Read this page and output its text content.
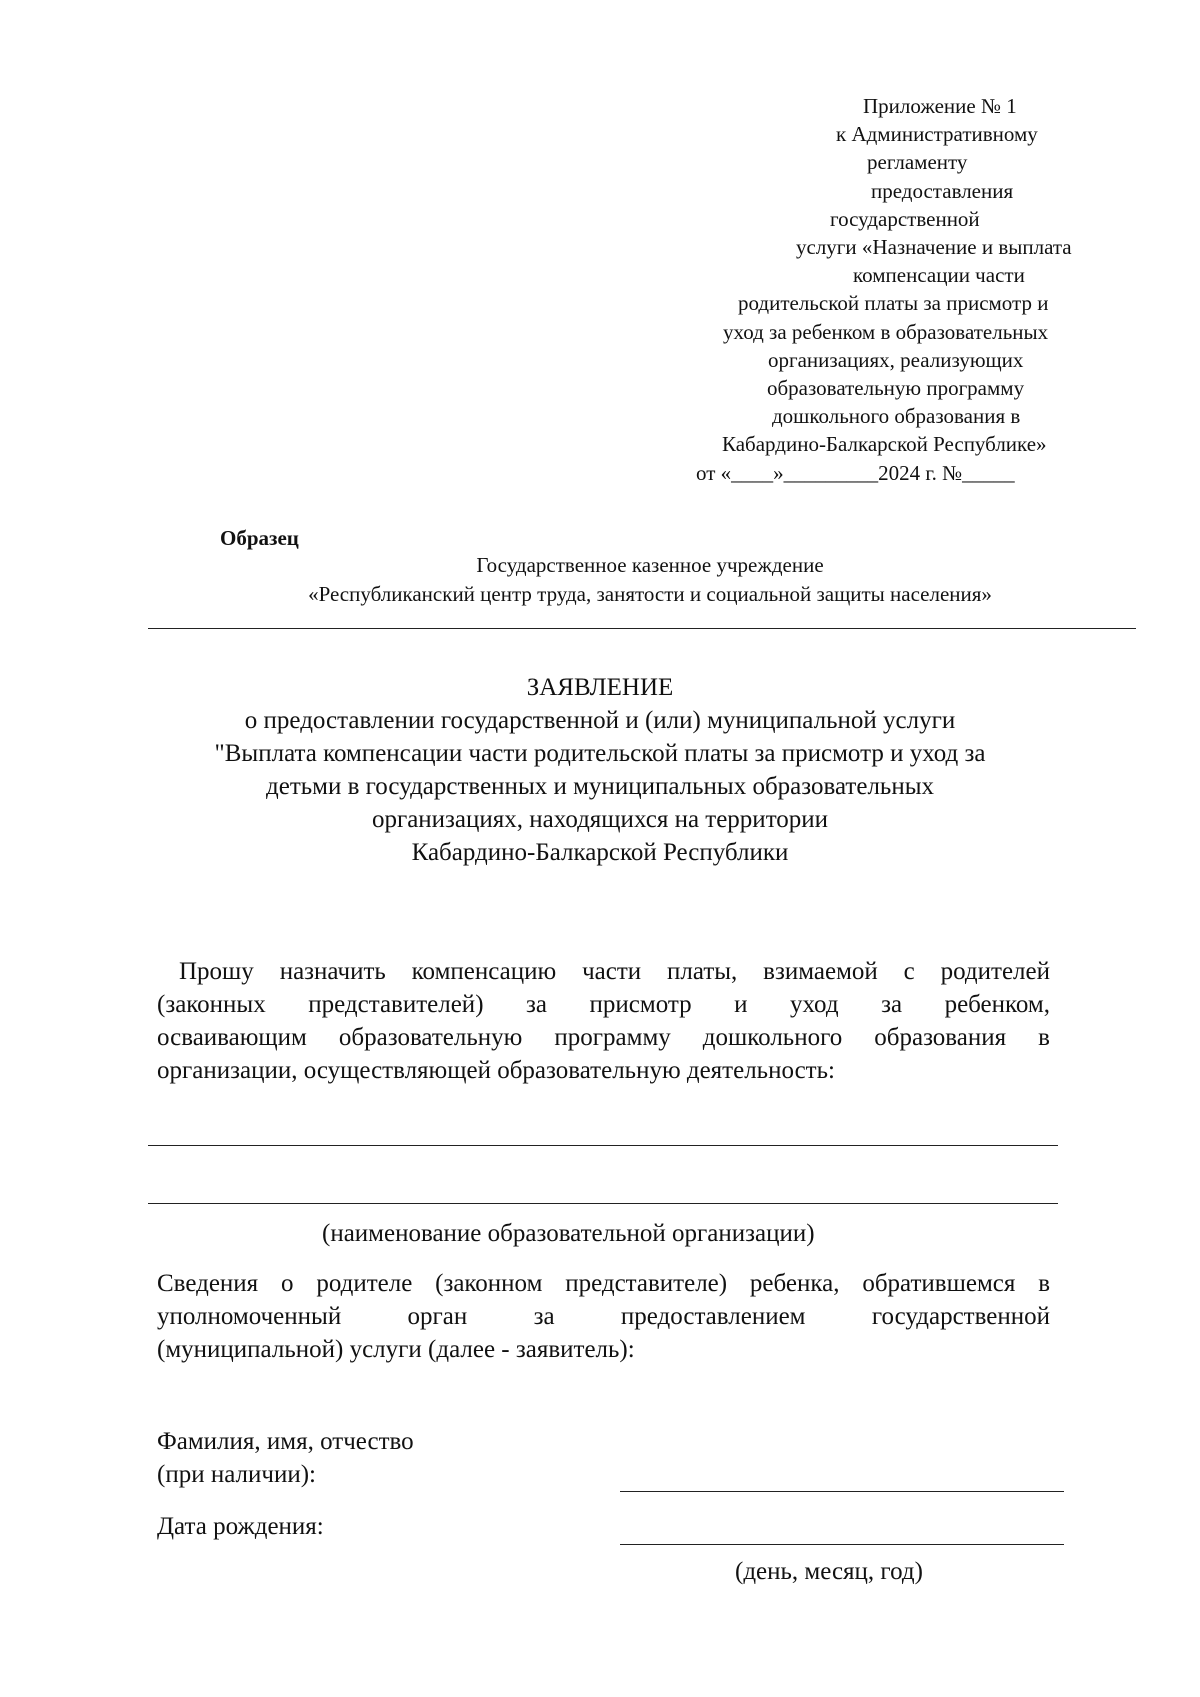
Приложение № 1
к Административному
регламенту
предоставления
государственной
услуги «Назначение и выплата
компенсации части
родительской платы за присмотр и
уход за ребенком в образовательных
организациях, реализующих
образовательную программу
дошкольного образования в
Кабардино-Балкарской Республике»
от «____»_________2024 г. №_____
Образец
Государственное казенное учреждение
«Республиканский центр труда, занятости и социальной защиты населения»
ЗАЯВЛЕНИЕ
о предоставлении государственной и (или) муниципальной услуги
"Выплата компенсации части родительской платы за присмотр и уход за
детьми в государственных и муниципальных образовательных
организациях, находящихся на территории
Кабардино-Балкарской Республики
Прошу назначить компенсацию части платы, взимаемой с родителей
(законных представителей) за присмотр и уход за ребенком,
осваивающим образовательную программу дошкольного образования в
организации, осуществляющей образовательную деятельность:
(наименование образовательной организации)
Сведения о родителе (законном представителе) ребенка, обратившемся в
уполномоченный орган за предоставлением государственной
(муниципальной) услуги (далее - заявитель):
Фамилия, имя, отчество
(при наличии):
Дата рождения:
(день, месяц, год)
